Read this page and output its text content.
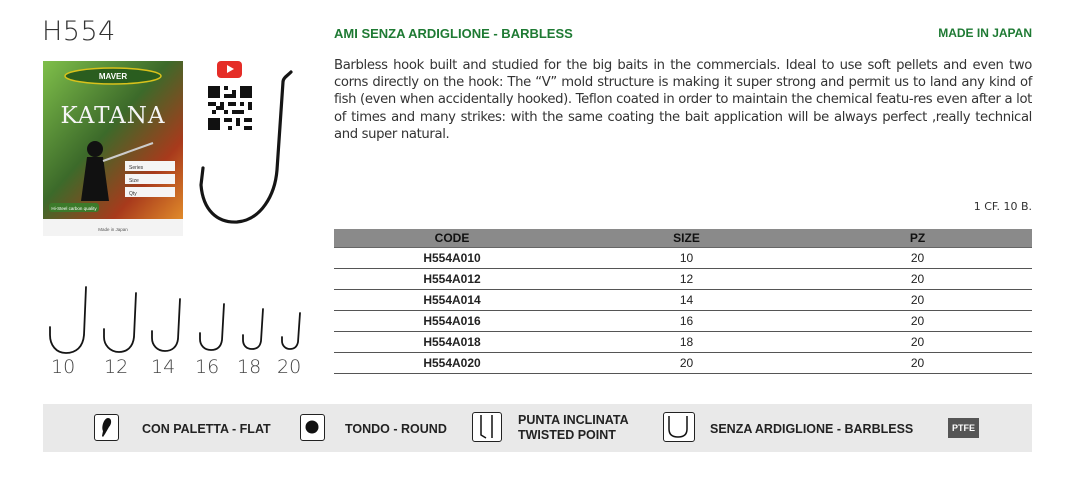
H554	AMI SENZA ARDIGLIONE - BARBLESS	MADE IN JAPAN
MAVER
KATANA
Series
Size
Qty
Hi-Steel carbon quality
Made in Japan
10 12 14 16 18 20
Barbless hook built and studied for the big baits in the commercials. Ideal to use soft pellets and even two corns directly on the hook: The “V” mold structure is making it super strong and permit us to land any kind of fish (even when accidentally hooked). Teflon coated in order to maintain the chemical featu-res even after a lot of times and many strikes: with the same coating the bait application will be always perfect ,really technical and super natural.
1 CF. 10 B.
CODE	SIZE	PZ
H554A010	10	20
H554A012	12	20
H554A014	14	20
H554A016	16	20
H554A018	18	20
H554A020	20	20
CON PALETTA - FLAT	TONDO - ROUND
PUNTA INCLINATA
TWISTED POINT	SENZA ARDIGLIONE - BARBLESS	PTFE
